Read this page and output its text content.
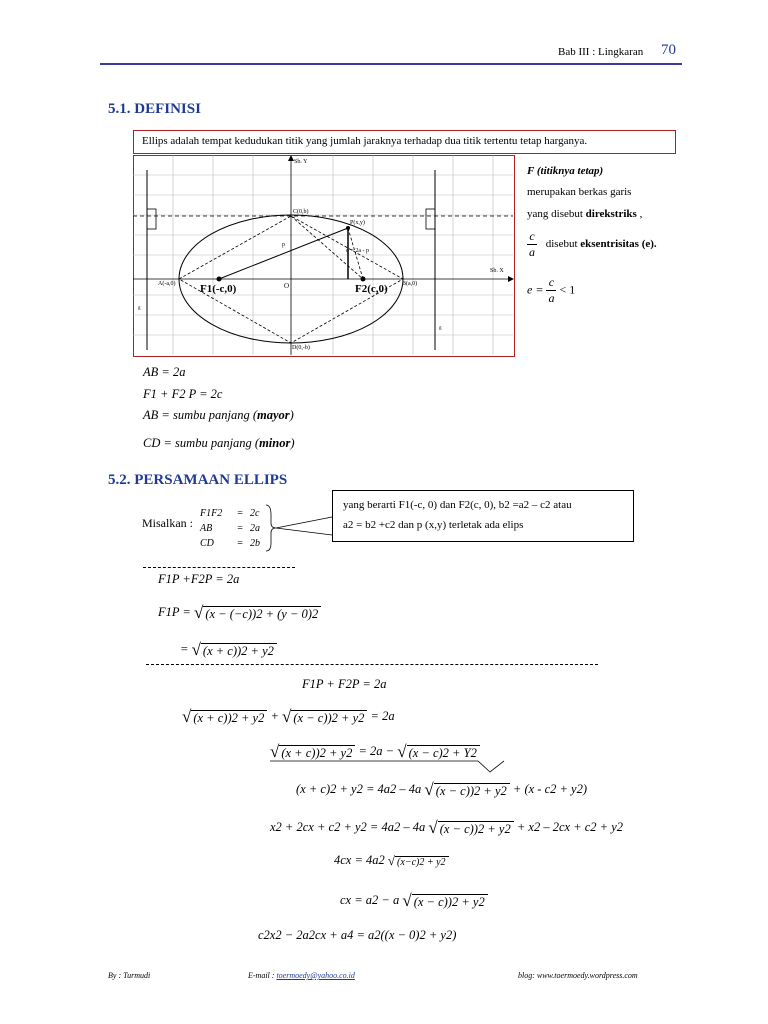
Bab III : Lingkaran 70
5.1. DEFINISI
Ellips adalah tempat kedudukan titik yang jumlah jaraknya terhadap dua titik tertentu tetap harganya.
Sb. Y
Sb. X
C(0,b)
D(0,-b)
A(-a,0)	B(a,0)
P(x,y)
O
p
q = 2a - p
F1(-c,0)	F2(c,0)
g
g
F (titiknya tetap)
merupakan berkas garis
yang disebut direkstriks ,
$\frac{c}{a}$ disebut eksentrisitas (e).
$e = \frac{c}{a} < 1$
AB = 2a
F1 + F2 P = 2c
AB = sumbu panjang (mayor)
CD = sumbu panjang (minor)
5.2. PERSAMAAN ELLIPS
Misalkan :
F1F2 = 2c
AB = 2a
CD = 2b
yang berarti F1(-c, 0) dan F2(c, 0), b2 =a2 – c2 atau
a2 = b2 +c2 dan p (x,y) terletak ada elips
F1P +F2P = 2a
F1P = √ (x − (−c))2 + (y − 0)2
= √ (x + c))2 + y2
F1P + F2P = 2a
√ (x + c))2 + y2 + √ (x − c))2 + y2 = 2a
√ (x + c))2 + y2 = 2a − √ (x − c)2 + Y2
(x + c)2 + y2 = 4a2 – 4a √ (x − c))2 + y2 + (x - c2 + y2)
x2 + 2cx + c2 + y2 = 4a2 – 4a √ (x − c))2 + y2 + x2 – 2cx + c2 + y2
4cx = 4a2 √ (x−c)2 + y2
cx = a2 − a √ (x − c))2 + y2
c2x2 − 2a2cx + a4 = a2((x − 0)2 + y2)
By : Turmudi	E-mail : toermoedy@yahoo.co.id	blog: www.toermoedy.wordpress.com
